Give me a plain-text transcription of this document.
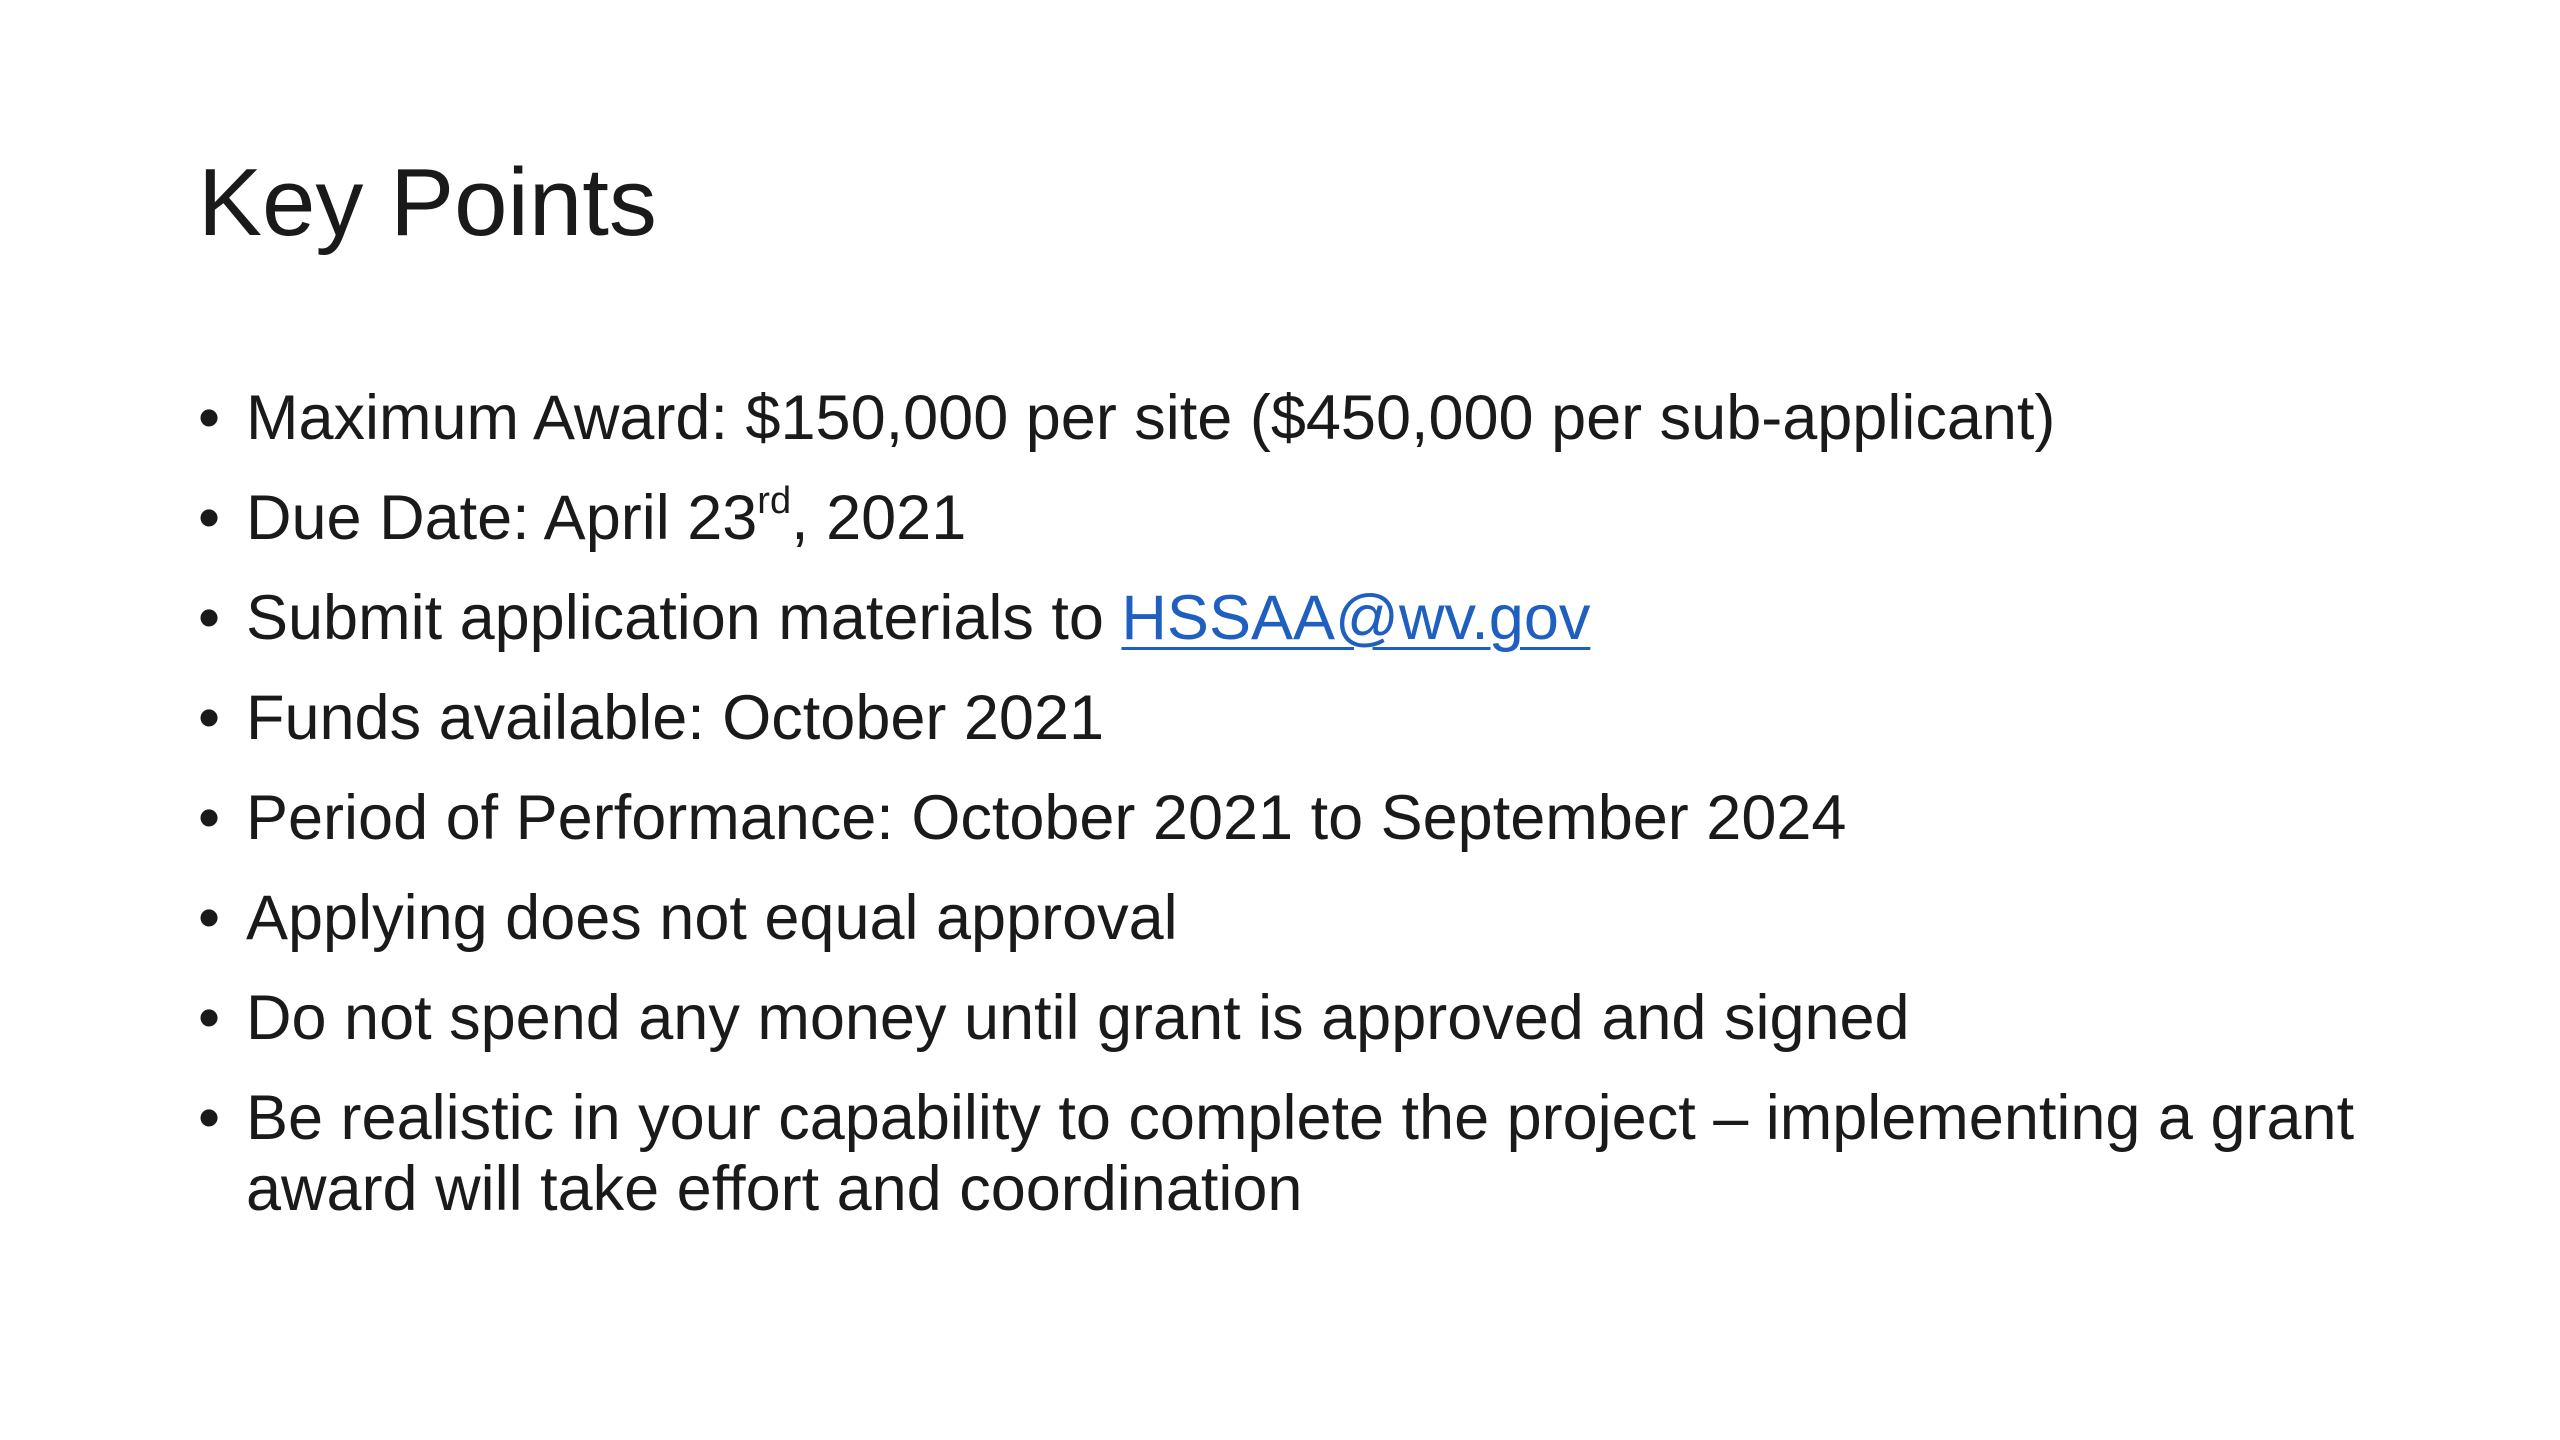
Key Points
• Maximum Award: $150,000 per site ($450,000 per sub-applicant)
• Due Date: April 23rd, 2021
• Submit application materials to HSSAA@wv.gov
• Funds available: October 2021
• Period of Performance: October 2021 to September 2024
• Applying does not equal approval
• Do not spend any money until grant is approved and signed
• Be realistic in your capability to complete the project – implementing a grant award will take effort and coordination
